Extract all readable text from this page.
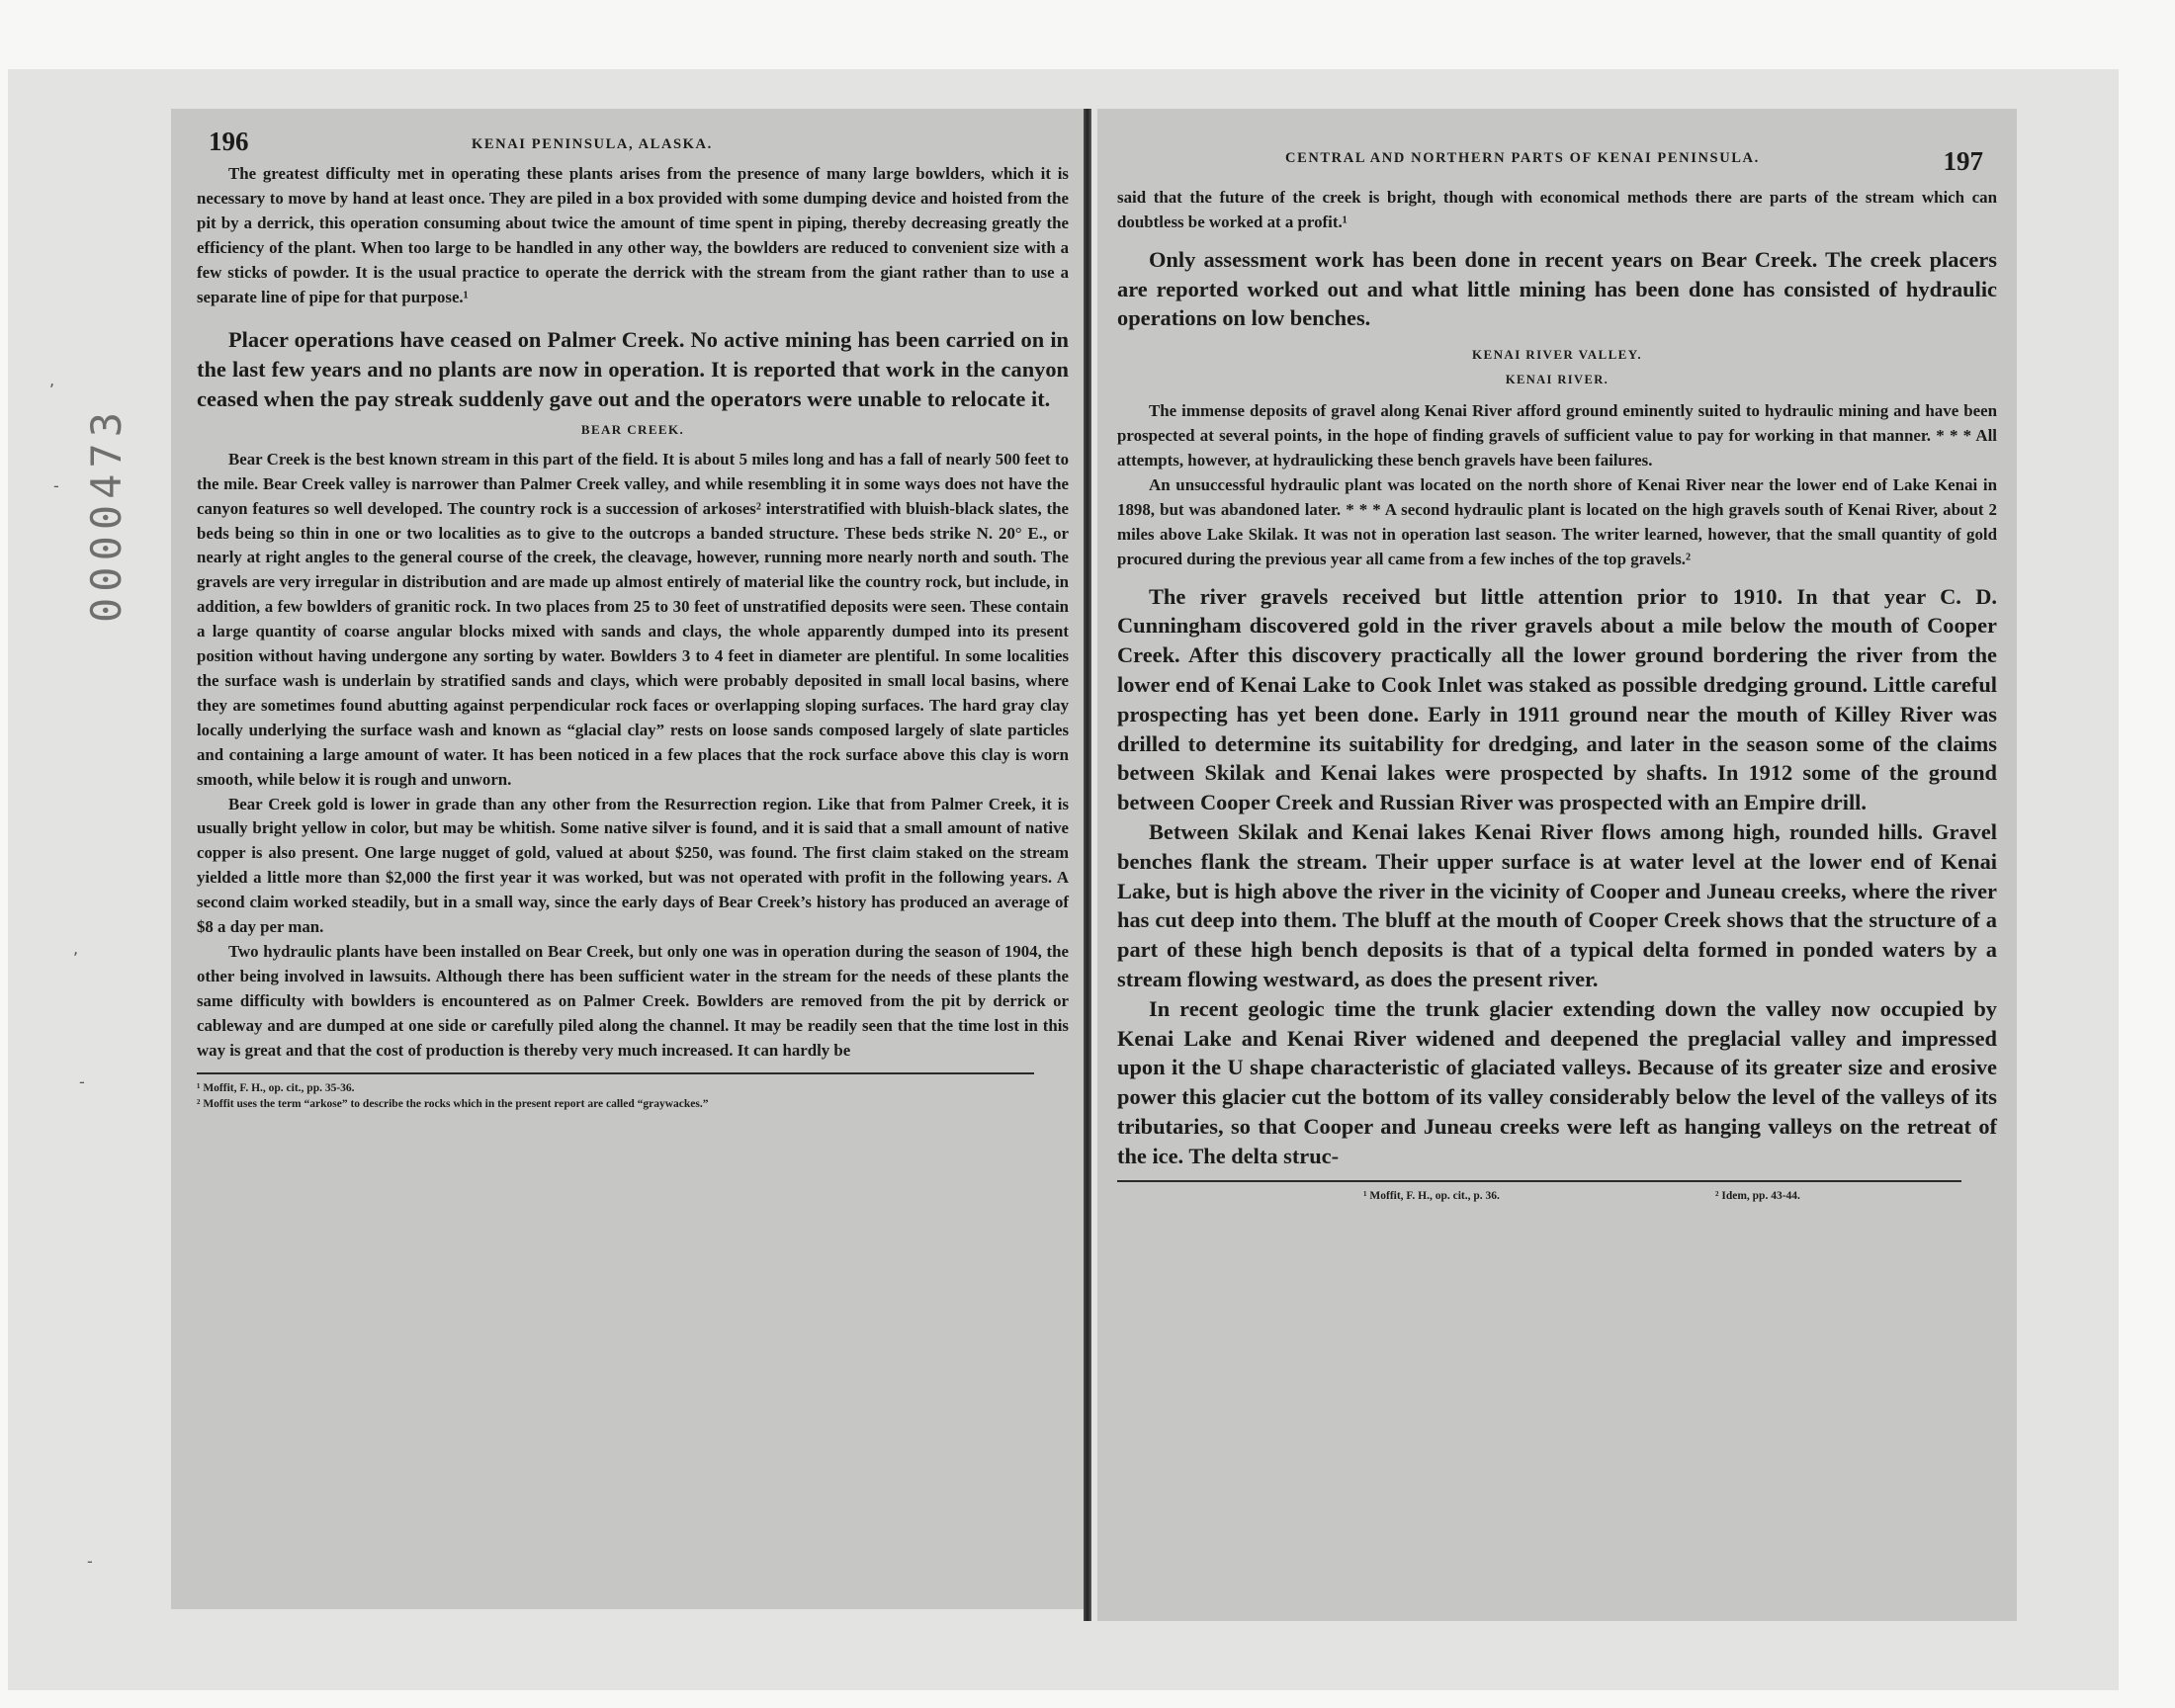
0000473
,
-
,
-
-
196	KENAI PENINSULA, ALASKA.

The greatest difficulty met in operating these plants arises from the presence of many large bowlders, which it is necessary to move by hand at least once. They are piled in a box provided with some dumping device and hoisted from the pit by a derrick, this operation consuming about twice the amount of time spent in piping, thereby decreasing greatly the efficiency of the plant. When too large to be handled in any other way, the bowlders are reduced to convenient size with a few sticks of powder. It is the usual practice to operate the derrick with the stream from the giant rather than to use a separate line of pipe for that purpose.¹

Placer operations have ceased on Palmer Creek. No active mining has been carried on in the last few years and no plants are now in operation. It is reported that work in the canyon ceased when the pay streak suddenly gave out and the operators were unable to relocate it.

BEAR CREEK.

Bear Creek is the best known stream in this part of the field. It is about 5 miles long and has a fall of nearly 500 feet to the mile. Bear Creek valley is narrower than Palmer Creek valley, and while resembling it in some ways does not have the canyon features so well developed. The country rock is a succession of arkoses² interstratified with bluish-black slates, the beds being so thin in one or two localities as to give to the outcrops a banded structure. These beds strike N. 20° E., or nearly at right angles to the general course of the creek, the cleavage, however, running more nearly north and south. The gravels are very irregular in distribution and are made up almost entirely of material like the country rock, but include, in addition, a few bowlders of granitic rock. In two places from 25 to 30 feet of unstratified deposits were seen. These contain a large quantity of coarse angular blocks mixed with sands and clays, the whole apparently dumped into its present position without having undergone any sorting by water. Bowlders 3 to 4 feet in diameter are plentiful. In some localities the surface wash is underlain by stratified sands and clays, which were probably deposited in small local basins, where they are sometimes found abutting against perpendicular rock faces or overlapping sloping surfaces. The hard gray clay locally underlying the surface wash and known as “glacial clay” rests on loose sands composed largely of slate particles and containing a large amount of water. It has been noticed in a few places that the rock surface above this clay is worn smooth, while below it is rough and unworn.

Bear Creek gold is lower in grade than any other from the Resurrection region. Like that from Palmer Creek, it is usually bright yellow in color, but may be whitish. Some native silver is found, and it is said that a small amount of native copper is also present. One large nugget of gold, valued at about $250, was found. The first claim staked on the stream yielded a little more than $2,000 the first year it was worked, but was not operated with profit in the following years. A second claim worked steadily, but in a small way, since the early days of Bear Creek’s history has produced an average of $8 a day per man.

Two hydraulic plants have been installed on Bear Creek, but only one was in operation during the season of 1904, the other being involved in lawsuits. Although there has been sufficient water in the stream for the needs of these plants the same difficulty with bowlders is encountered as on Palmer Creek. Bowlders are removed from the pit by derrick or cableway and are dumped at one side or carefully piled along the channel. It may be readily seen that the time lost in this way is great and that the cost of production is thereby very much increased. It can hardly be

¹ Moffit, F. H., op. cit., pp. 35-36.
² Moffit uses the term “arkose” to describe the rocks which in the present report are called “graywackes.”
CENTRAL AND NORTHERN PARTS OF KENAI PENINSULA.	197

said that the future of the creek is bright, though with economical methods there are parts of the stream which can doubtless be worked at a profit.¹

Only assessment work has been done in recent years on Bear Creek. The creek placers are reported worked out and what little mining has been done has consisted of hydraulic operations on low benches.

KENAI RIVER VALLEY.
KENAI RIVER.

The immense deposits of gravel along Kenai River afford ground eminently suited to hydraulic mining and have been prospected at several points, in the hope of finding gravels of sufficient value to pay for working in that manner. * * * All attempts, however, at hydraulicking these bench gravels have been failures.

An unsuccessful hydraulic plant was located on the north shore of Kenai River near the lower end of Lake Kenai in 1898, but was abandoned later. * * * A second hydraulic plant is located on the high gravels south of Kenai River, about 2 miles above Lake Skilak. It was not in operation last season. The writer learned, however, that the small quantity of gold procured during the previous year all came from a few inches of the top gravels.²

The river gravels received but little attention prior to 1910. In that year C. D. Cunningham discovered gold in the river gravels about a mile below the mouth of Cooper Creek. After this discovery practically all the lower ground bordering the river from the lower end of Kenai Lake to Cook Inlet was staked as possible dredging ground. Little careful prospecting has yet been done. Early in 1911 ground near the mouth of Killey River was drilled to determine its suitability for dredging, and later in the season some of the claims between Skilak and Kenai lakes were prospected by shafts. In 1912 some of the ground between Cooper Creek and Russian River was prospected with an Empire drill.

Between Skilak and Kenai lakes Kenai River flows among high, rounded hills. Gravel benches flank the stream. Their upper surface is at water level at the lower end of Kenai Lake, but is high above the river in the vicinity of Cooper and Juneau creeks, where the river has cut deep into them. The bluff at the mouth of Cooper Creek shows that the structure of a part of these high bench deposits is that of a typical delta formed in ponded waters by a stream flowing westward, as does the present river.

In recent geologic time the trunk glacier extending down the valley now occupied by Kenai Lake and Kenai River widened and deepened the preglacial valley and impressed upon it the U shape characteristic of glaciated valleys. Because of its greater size and erosive power this glacier cut the bottom of its valley considerably below the level of the valleys of its tributaries, so that Cooper and Juneau creeks were left as hanging valleys on the retreat of the ice. The delta struc-

¹ Moffit, F. H., op. cit., p. 36.	² Idem, pp. 43-44.
